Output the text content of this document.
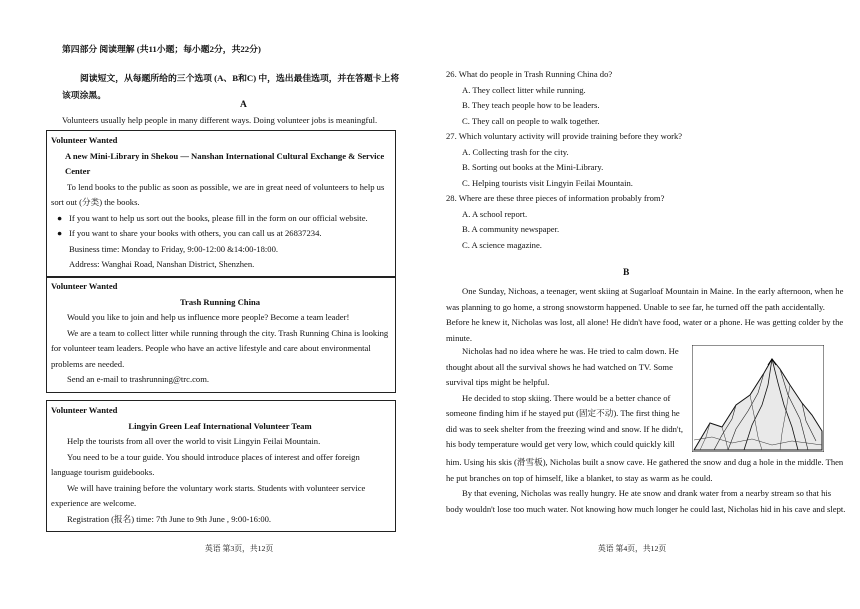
第四部分 阅读理解 (共11小题；每小题2分，共22分)
阅读短文，从每题所给的三个选项 (A、B和C) 中，选出最佳选项，并在答题卡上将该项涂黑。
A

Volunteers usually help people in many different ways. Doing volunteer jobs is meaningful.

Volunteer Wanted

A new Mini-Library in Shekou — Nanshan International Cultural Exchange & Service Center

To lend books to the public as soon as possible, we are in great need of volunteers to help us sort out (分类) the books.

● If you want to help us sort out the books, please fill in the form on our official website.

● If you want to share your books with others, you can call us at 26837234.

Business time: Monday to Friday, 9:00-12:00 &14:00-18:00.

Address: Wanghai Road, Nanshan District, Shenzhen.

Volunteer Wanted

Trash Running China

Would you like to join and help us influence more people? Become a team leader!

We are a team to collect litter while running through the city. Trash Running China is looking for volunteer team leaders. People who have an active lifestyle and care about environmental problems are needed.

Send an e-mail to trashrunning@trc.com.

Volunteer Wanted

Lingyin Green Leaf International Volunteer Team

Help the tourists from all over the world to visit Lingyin Feilai Mountain.

You need to be a tour guide. You should introduce places of interest and offer foreign language tourism guidebooks.

We will have training before the voluntary work starts. Students with volunteer service experience are welcome.

Registration (报名) time: 7th June to 9th June , 9:00-16:00.

英语 第3页，共12页

26. What do people in Trash Running China do?

A. They collect litter while running.

B. They teach people how to be leaders.

C. They call on people to walk together.

27. Which voluntary activity will provide training before they work?

A. Collecting trash for the city.

B. Sorting out books at the Mini-Library.

C. Helping tourists visit Lingyin Feilai Mountain.

28. Where are these three pieces of information probably from?

A. A school report.

B. A community newspaper.

C. A science magazine.

B

One Sunday, Nichoas, a teenager, went skiing at Sugarloaf Mountain in Maine. In the early afternoon, when he was planning to go home, a strong snowstorm happened. Unable to see far, he turned off the path accidentally. Before he knew it, Nicholas was lost, all alone! He didn't have food, water or a phone. He was getting colder by the minute.

Nicholas had no idea where he was. He tried to calm down. He thought about all the survival shows he had watched on TV. Some survival tips might be helpful.

He decided to stop skiing. There would be a better chance of someone finding him if he stayed put (固定不动). The first thing he did was to seek shelter from the freezing wind and snow. If he didn't, his body temperature would get very low, which could quickly kill

him. Using his skis (滑雪板), Nicholas built a snow cave. He gathered the snow and dug a hole in the middle. Then he put branches on top of himself, like a blanket, to stay as warm as he could.

By that evening, Nicholas was really hungry. He ate snow and drank water from a nearby stream so that his body wouldn't lose too much water. Not knowing how much longer he could last, Nicholas hid in his cave and slept.

英语 第4页，共12页
